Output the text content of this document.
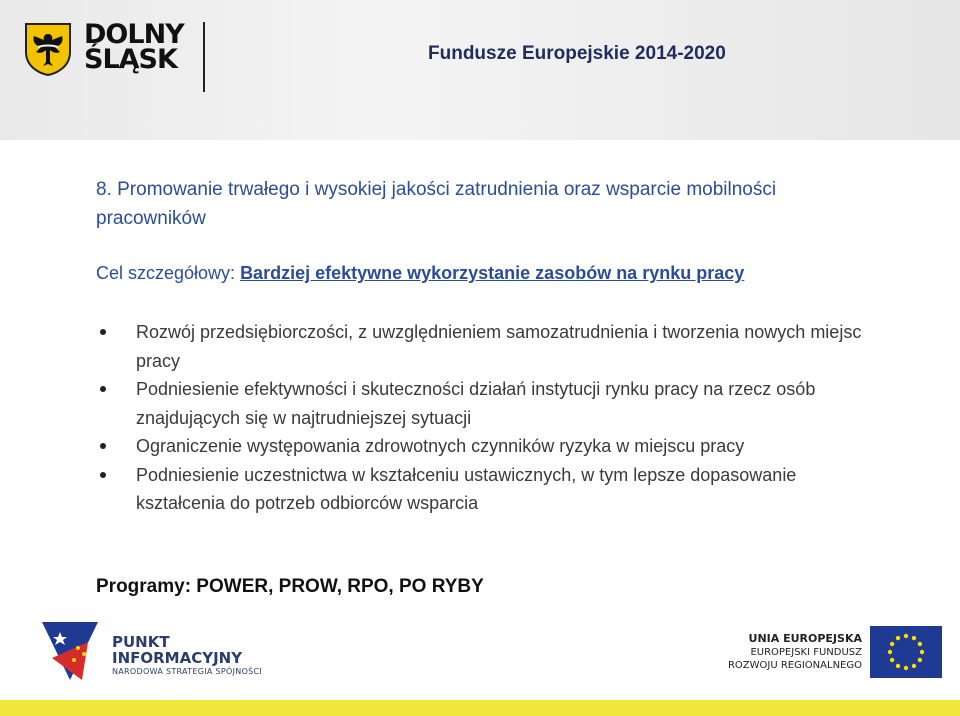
DOLNY
ŚLĄSK	Fundusze Europejskie 2014-2020
8. Promowanie trwałego i wysokiej jakości zatrudnienia oraz wsparcie mobilności pracowników
Cel szczegółowy: Bardziej efektywne wykorzystanie zasobów na rynku pracy
Rozwój przedsiębiorczości, z uwzględnieniem samozatrudnienia i tworzenia nowych miejsc pracy
Podniesienie efektywności i skuteczności działań instytucji rynku pracy na rzecz osób znajdujących się w najtrudniejszej sytuacji
Ograniczenie występowania zdrowotnych czynników ryzyka w miejscu pracy
Podniesienie uczestnictwa w kształceniu ustawicznych, w tym lepsze dopasowanie kształcenia do potrzeb odbiorców wsparcia
Programy: POWER, PROW, RPO, PO RYBY
PUNKT
INFORMACYJNY
NARODOWA STRATEGIA SPÓJNOŚCI
UNIA EUROPEJSKA
EUROPEJSKI FUNDUSZ
ROZWOJU REGIONALNEGO
